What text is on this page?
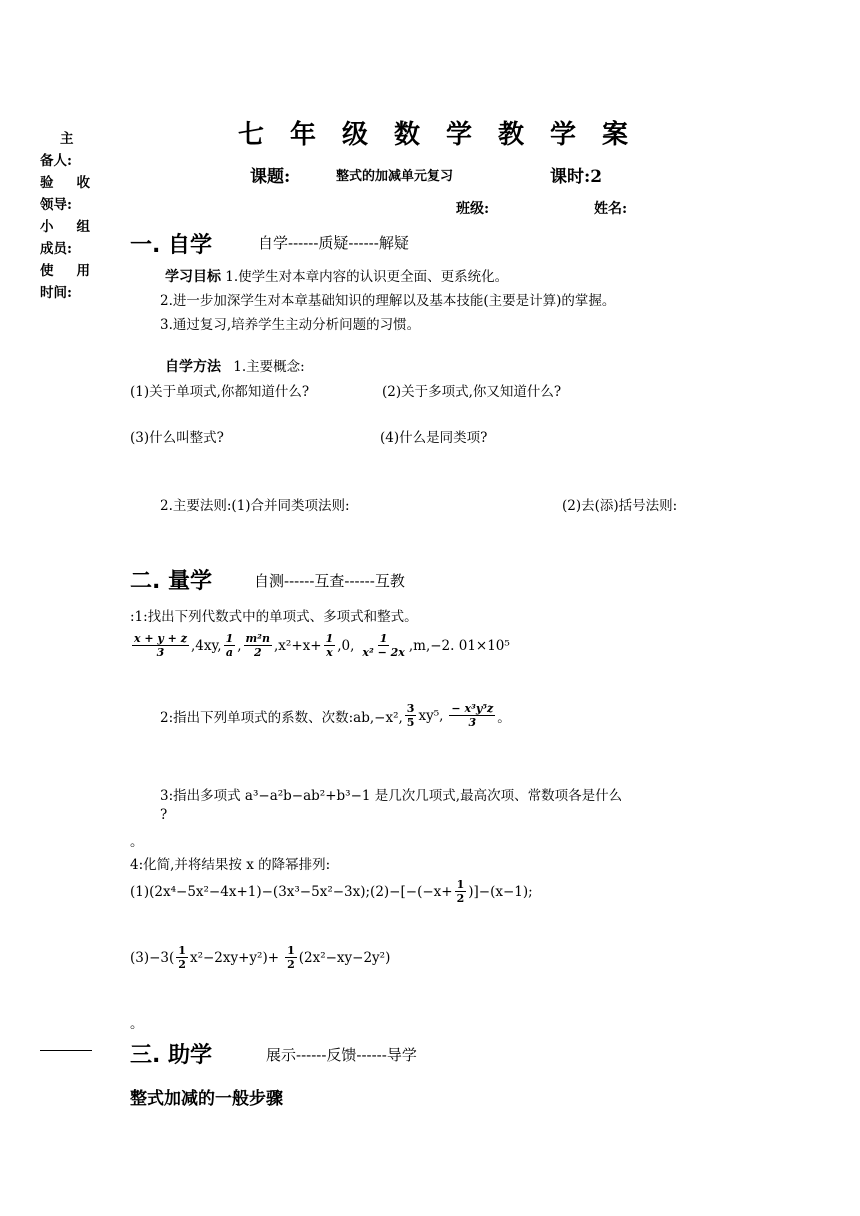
主
备人:
验 收
领导:
小 组
成员:
使 用
时间:
七年级数学教学案
课题:	整式的加减单元复习	课时:2
班级:	姓名:
一. 自学	自学------质疑------解疑
学习目标 1.使学生对本章内容的认识更全面、更系统化。
2.进一步加深学生对本章基础知识的理解以及基本技能(主要是计算)的掌握。
3.通过复习,培养学生主动分析问题的习惯。
自学方法 1.主要概念:
(1)关于单项式,你都知道什么?	(2)关于多项式,你又知道什么?
(3)什么叫整式?	(4)什么是同类项?
2.主要法则:(1)合并同类项法则:	(2)去(添)括号法则:
二. 量学	自测------互查------互教
:1:找出下列代数式中的单项式、多项式和整式。
$\frac{x + y + z}{3} ,4xy$, $\frac{1}{a}$ , $\frac{\text{m²n}}{2} ,x^2+x+ \frac{1}{x} ,0$, $\frac{1}{\text{x² − 2x}} ,m,-2$. 01×10⁵
2:指出下列单项式的系数、次数:ab,−x², $\frac{3}{5} xy^5$, $\frac{\text{− x³y⁵z}}{3}$ 。
3:指出多项式 a³−a²b−ab²+b³−1 是几次几项式,最高次项、常数项各是什么
?
。
4:化简,并将结果按 x 的降幂排列:
(1)(2x⁴−5x²−4x+1)−(3x³−5x²−3x);(2)−[−(−x+ $\frac{1}{2} )]-(x-1)$;
$(3)-3( \frac{1}{2} x^2-2xy+y^2)+ \frac{1}{2} (2x^2-xy-2y^2)$
。
三. 助学	展示------反馈------导学
整式加减的一般步骤
